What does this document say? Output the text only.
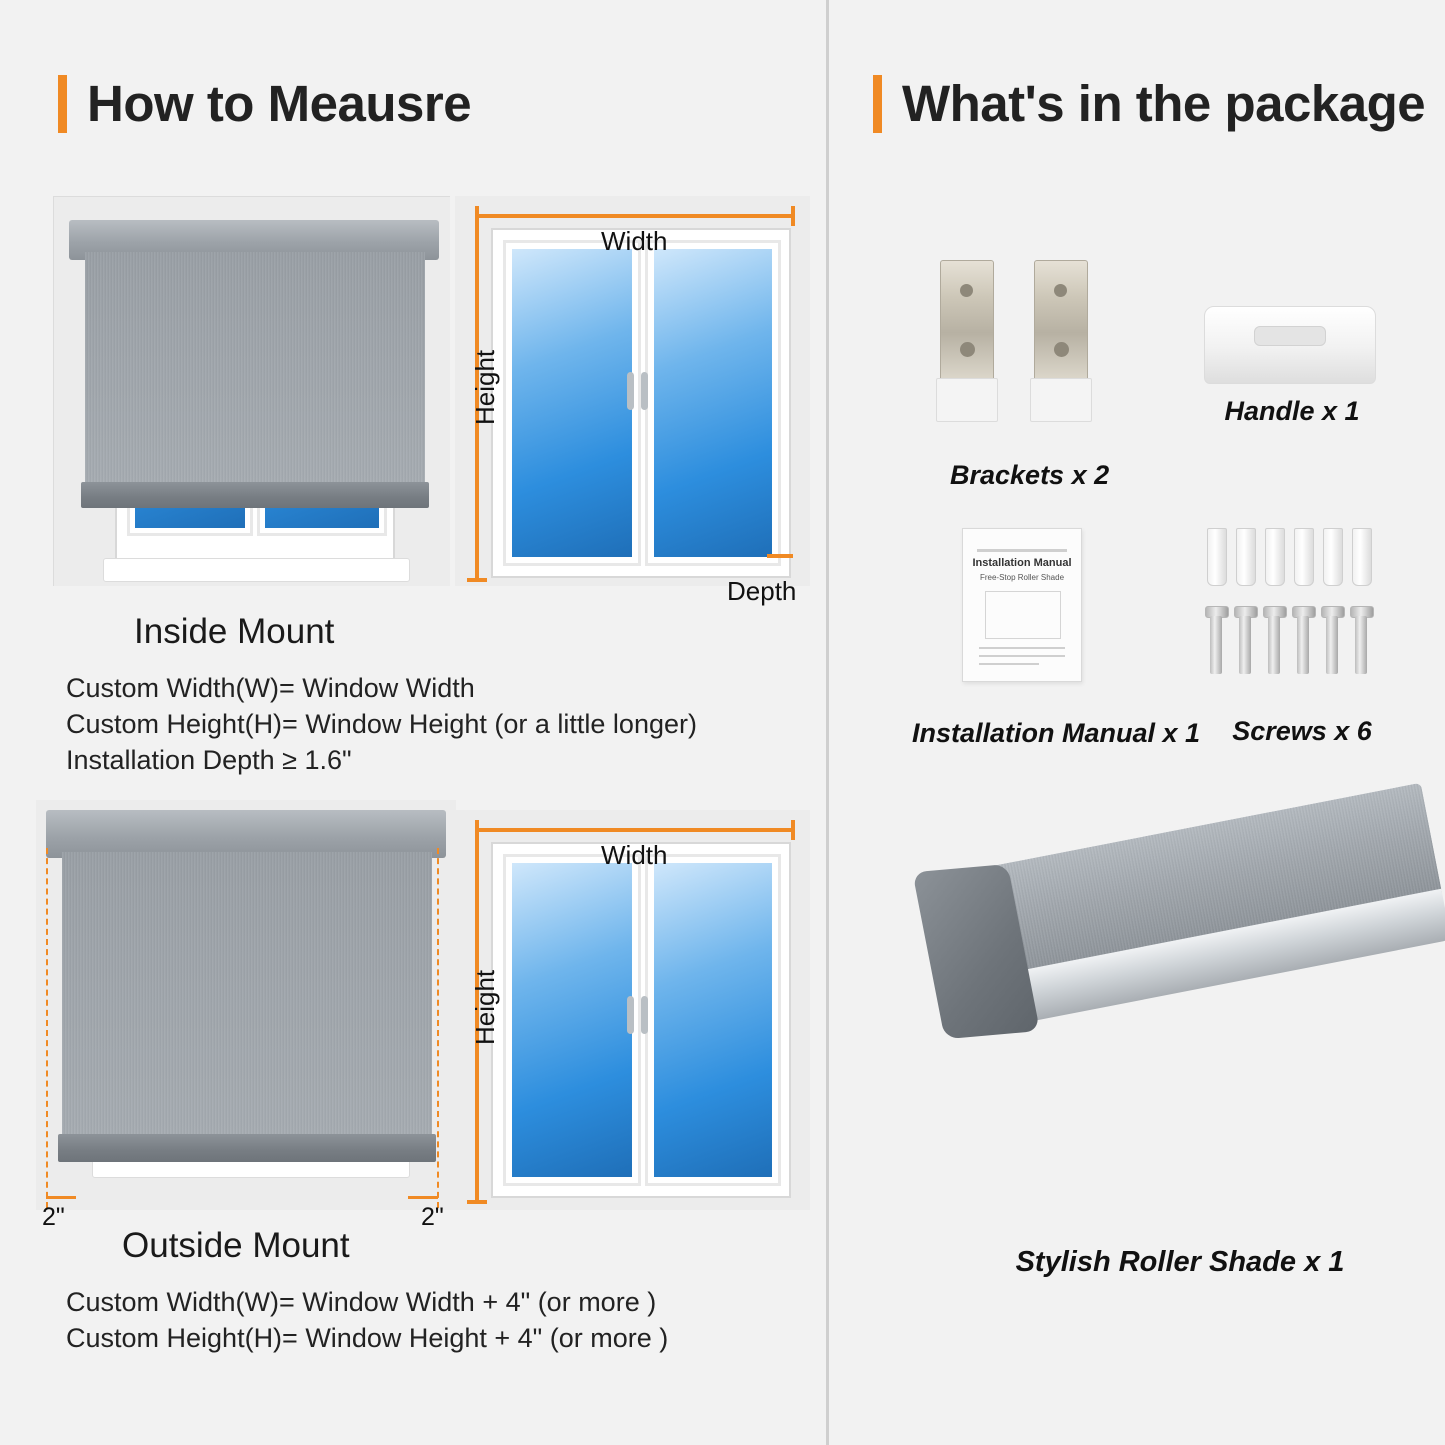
How to Meausre	What's in the package
Width
Height
Depth
Inside Mount
Custom Width(W)= Window Width
Custom Height(H)= Window Height (or a little longer)
Installation Depth ≥ 1.6"
2"	2"
Width
Height
Outside Mount
Custom Width(W)= Window Width + 4" (or more )
Custom Height(H)= Window Height + 4" (or more )
Brackets x 2
Handle x 1
Installation Manual
Free-Stop Roller Shade
Installation Manual x 1	Screws x 6
Stylish Roller Shade x 1
